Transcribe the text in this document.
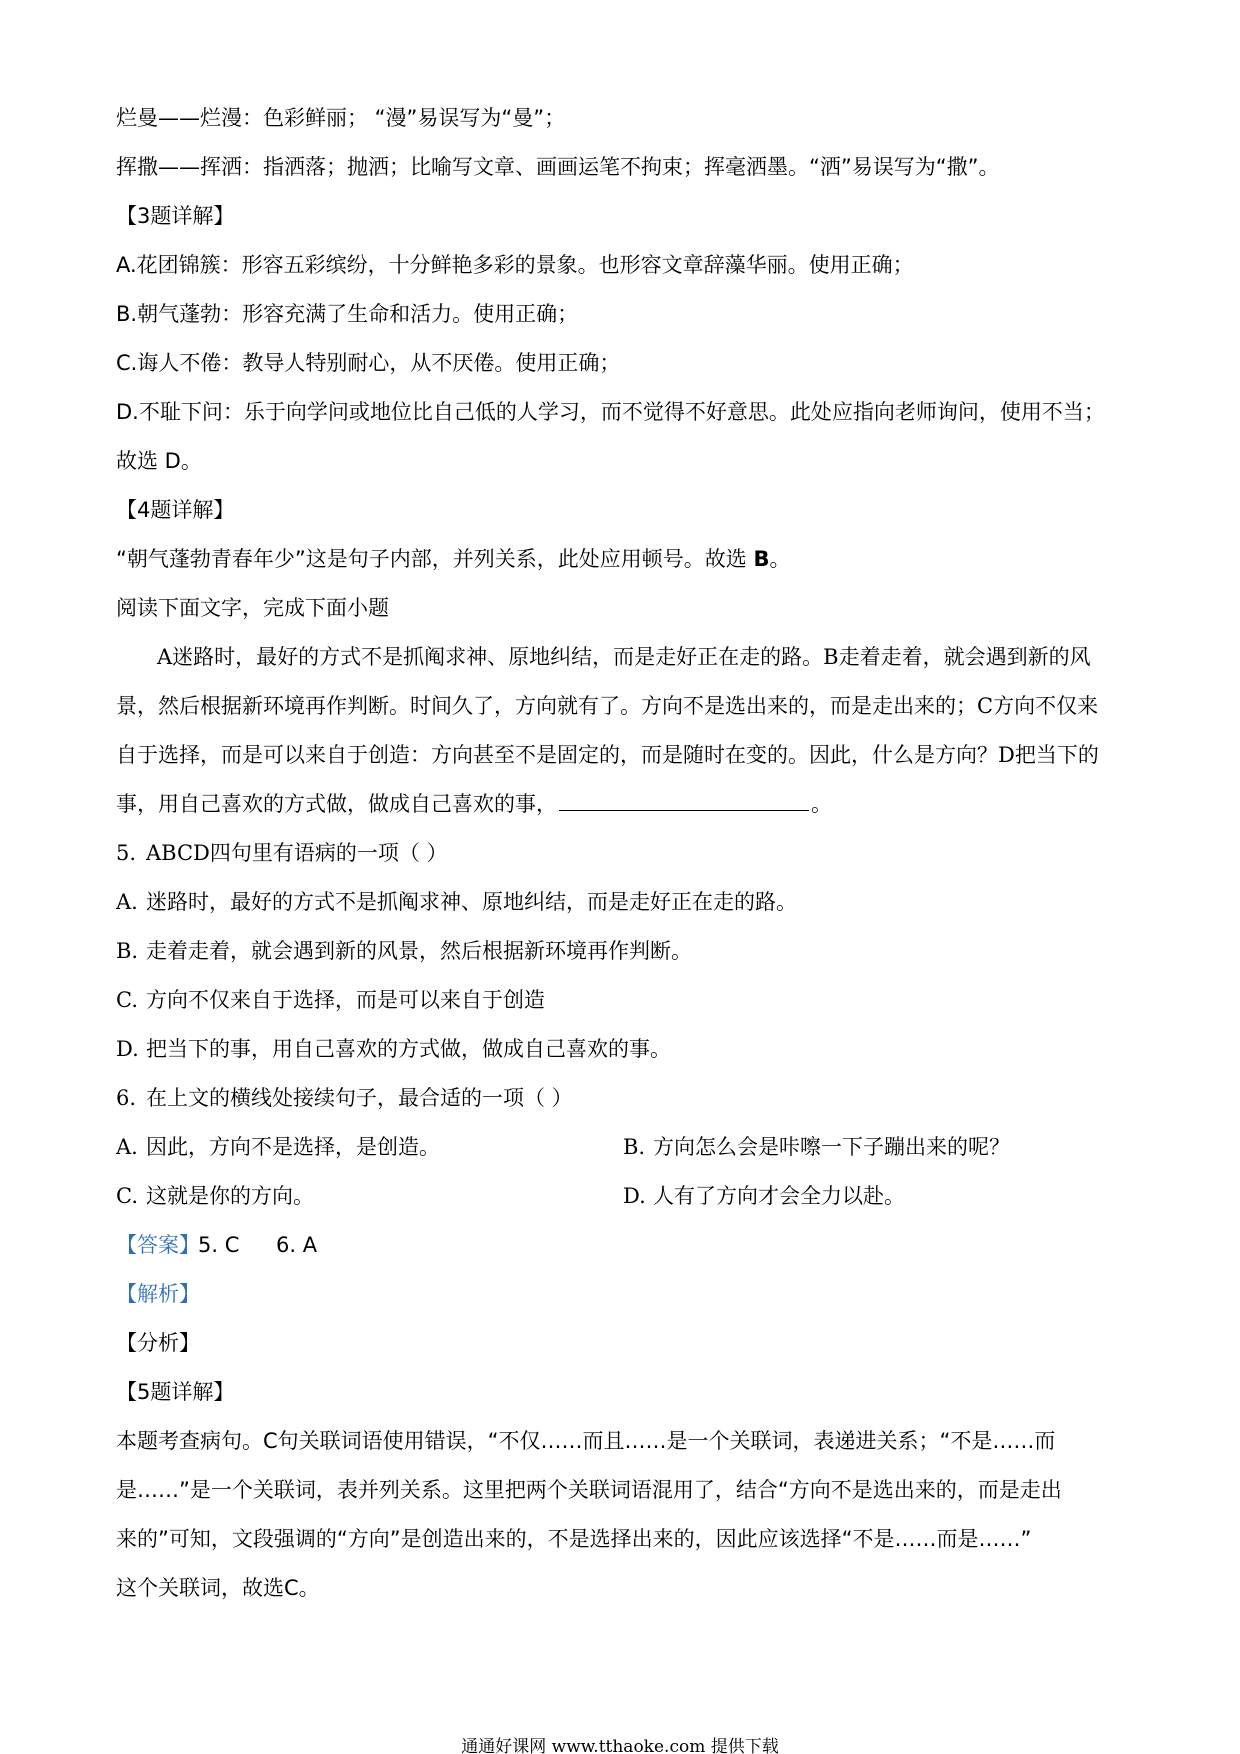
烂曼——烂漫：色彩鲜丽； “漫”易误写为“曼”；
挥撒——挥洒：指洒落；抛洒；比喻写文章、画画运笔不拘束；挥毫洒墨。“洒”易误写为“撒”。
【3题详解】
A.花团锦簇：形容五彩缤纷，十分鲜艳多彩的景象。也形容文章辞藻华丽。使用正确；
B.朝气蓬勃：形容充满了生命和活力。使用正确；
C.诲人不倦：教导人特别耐心，从不厌倦。使用正确；
D.不耻下问：乐于向学问或地位比自己低的人学习，而不觉得不好意思。此处应指向老师询问，使用不当；
故选 D。
【4题详解】
“朝气蓬勃青春年少”这是句子内部，并列关系，此处应用顿号。故选 B。
阅读下面文字，完成下面小题
A迷路时，最好的方式不是抓阄求神、原地纠结，而是走好正在走的路。B走着走着，就会遇到新的风
景，然后根据新环境再作判断。时间久了，方向就有了。方向不是选出来的，而是走出来的；C方向不仅来
自于选择，而是可以来自于创造：方向甚至不是固定的，而是随时在变的。因此，什么是方向？D把当下的
事，用自己喜欢的方式做，做成自己喜欢的事，	。
5. ABCD四句里有语病的一项（ ）
A. 迷路时，最好的方式不是抓阄求神、原地纠结，而是走好正在走的路。
B. 走着走着，就会遇到新的风景，然后根据新环境再作判断。
C. 方向不仅来自于选择，而是可以来自于创造
D. 把当下的事，用自己喜欢的方式做，做成自己喜欢的事。
6. 在上文的横线处接续句子，最合适的一项（ ）
A. 因此，方向不是选择，是创造。	B. 方向怎么会是咔嚓一下子蹦出来的呢？
C. 这就是你的方向。	D. 人有了方向才会全力以赴。
【答案】
5. C 6. A
【解析】
【分析】
【5题详解】
本题考查病句。C句关联词语使用错误，“不仅……而且……是一个关联词，表递进关系；“不是……而
是……”是一个关联词，表并列关系。这里把两个关联词语混用了，结合“方向不是选出来的，而是走出
来的”可知，文段强调的“方向”是创造出来的，不是选择出来的，因此应该选择“不是……而是……”
这个关联词，故选C。
通通好课网 www.tthaoke.com 提供下载
